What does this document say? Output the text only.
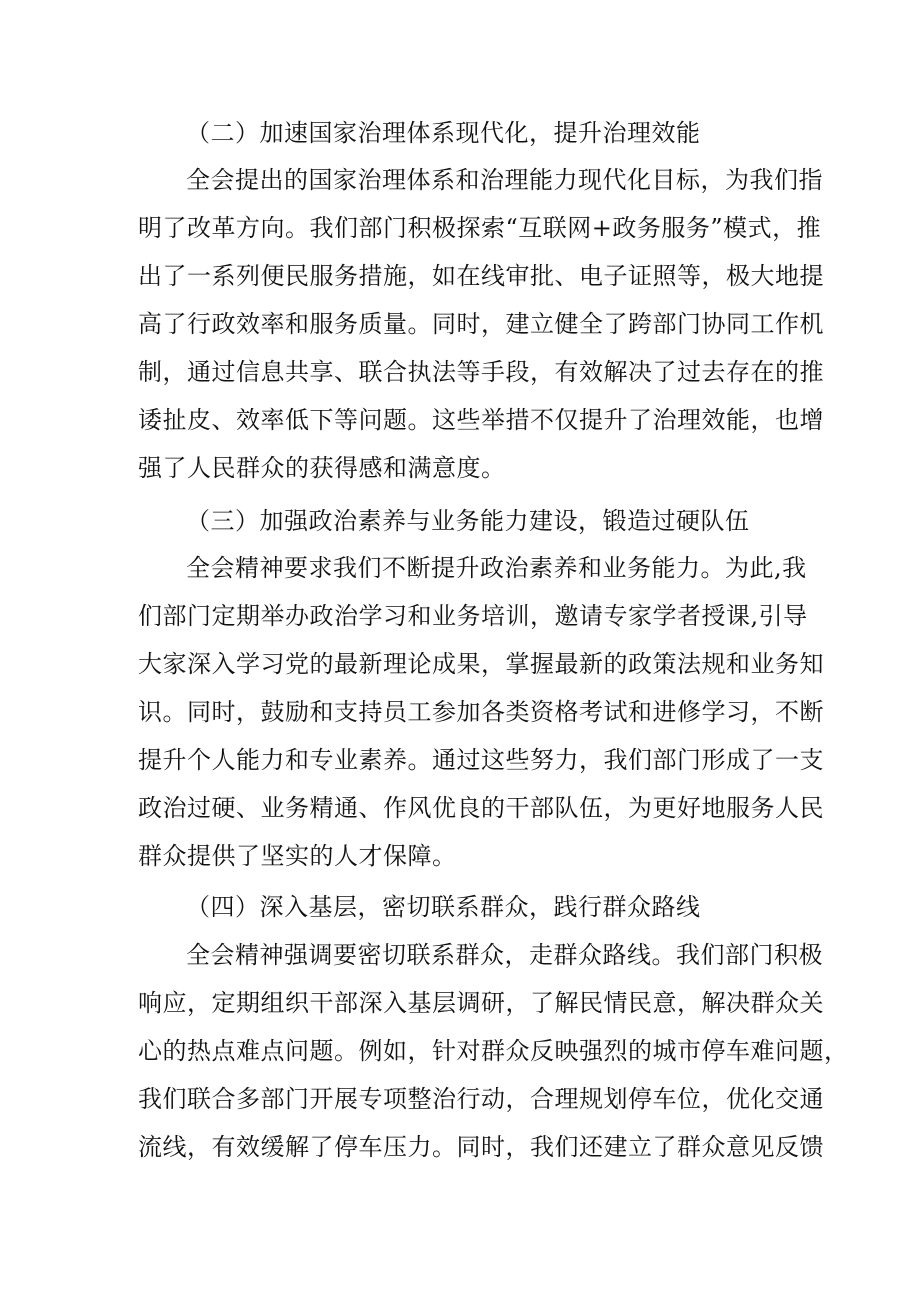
（二）加速国家治理体系现代化，提升治理效能
全会提出的国家治理体系和治理能力现代化目标，为我们指
明了改革方向。我们部门积极探索“互联网+政务服务”模式，推
出了一系列便民服务措施，如在线审批、电子证照等，极大地提
高了行政效率和服务质量。同时，建立健全了跨部门协同工作机
制，通过信息共享、联合执法等手段，有效解决了过去存在的推
诿扯皮、效率低下等问题。这些举措不仅提升了治理效能，也增
强了人民群众的获得感和满意度。
（三）加强政治素养与业务能力建设，锻造过硬队伍
全会精神要求我们不断提升政治素养和业务能力。为此,我
们部门定期举办政治学习和业务培训，邀请专家学者授课,引导
大家深入学习党的最新理论成果，掌握最新的政策法规和业务知
识。同时，鼓励和支持员工参加各类资格考试和进修学习，不断
提升个人能力和专业素养。通过这些努力，我们部门形成了一支
政治过硬、业务精通、作风优良的干部队伍，为更好地服务人民
群众提供了坚实的人才保障。
（四）深入基层，密切联系群众，践行群众路线
全会精神强调要密切联系群众，走群众路线。我们部门积极
响应，定期组织干部深入基层调研，了解民情民意，解决群众关
心的热点难点问题。例如，针对群众反映强烈的城市停车难问题，
我们联合多部门开展专项整治行动，合理规划停车位，优化交通
流线，有效缓解了停车压力。同时，我们还建立了群众意见反馈
